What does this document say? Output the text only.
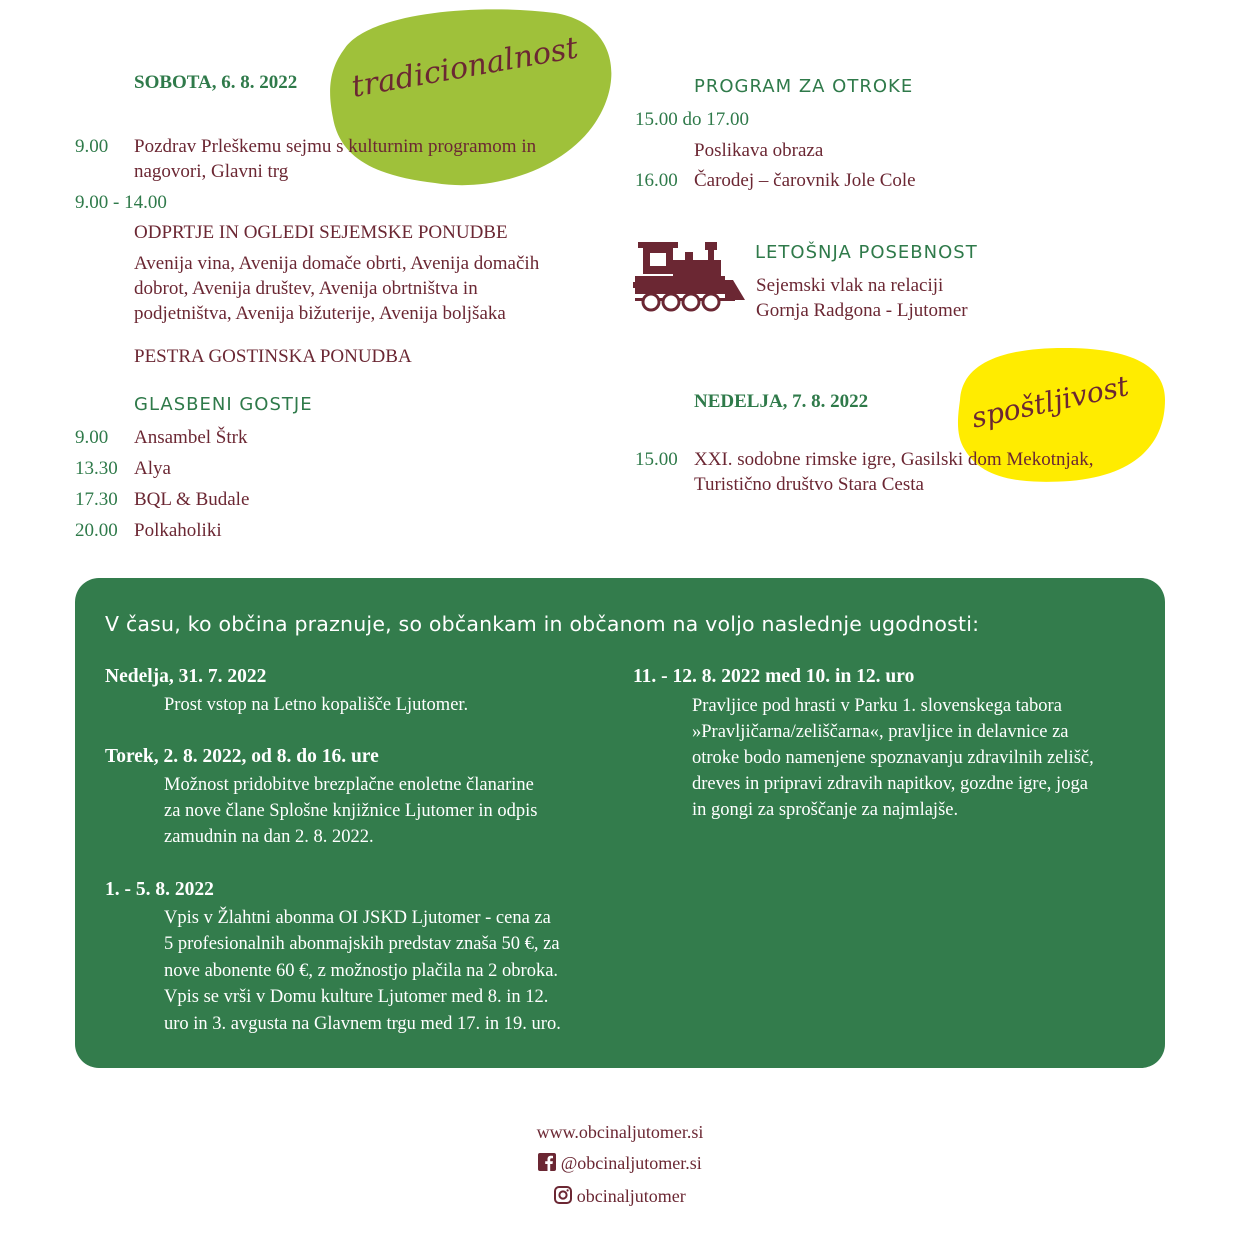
tradicionalnost
spoštljivost
SOBOTA, 6. 8. 2022
9.00 Pozdrav Prleškemu sejmu s kulturnim programom in
nagovori, Glavni trg
9.00 - 14.00
ODPRTJE IN OGLEDI SEJEMSKE PONUDBE
Avenija vina, Avenija domače obrti, Avenija domačih
dobrot, Avenija društev, Avenija obrtništva in
podjetništva, Avenija bižuterije, Avenija boljšaka
PESTRA GOSTINSKA PONUDBA
GLASBENI GOSTJE
9.00 Ansambel Štrk
13.30 Alya
17.30 BQL & Budale
20.00 Polkaholiki
PROGRAM ZA OTROKE
15.00 do 17.00
Poslikava obraza
16.00 Čarodej – čarovnik Jole Cole
LETOŠNJA POSEBNOST
Sejemski vlak na relaciji
Gornja Radgona - Ljutomer
NEDELJA, 7. 8. 2022
15.00 XXI. sodobne rimske igre, Gasilski dom Mekotnjak,
Turistično društvo Stara Cesta
V času, ko občina praznuje, so občankam in občanom na voljo naslednje ugodnosti:
Nedelja, 31. 7. 2022
Prost vstop na Letno kopališče Ljutomer.
Torek, 2. 8. 2022, od 8. do 16. ure
Možnost pridobitve brezplačne enoletne članarine
za nove člane Splošne knjižnice Ljutomer in odpis
zamudnin na dan 2. 8. 2022.
1. - 5. 8. 2022
Vpis v Žlahtni abonma OI JSKD Ljutomer - cena za
5 profesionalnih abonmajskih predstav znaša 50 €, za
nove abonente 60 €, z možnostjo plačila na 2 obroka.
Vpis se vrši v Domu kulture Ljutomer med 8. in 12.
uro in 3. avgusta na Glavnem trgu med 17. in 19. uro.
11. - 12. 8. 2022 med 10. in 12. uro
Pravljice pod hrasti v Parku 1. slovenskega tabora
»Pravljičarna/zeliščarna«, pravljice in delavnice za
otroke bodo namenjene spoznavanju zdravilnih zelišč,
dreves in pripravi zdravih napitkov, gozdne igre, joga
in gongi za sproščanje za najmlajše.
www.obcinaljutomer.si
@obcinaljutomer.si
obcinaljutomer
